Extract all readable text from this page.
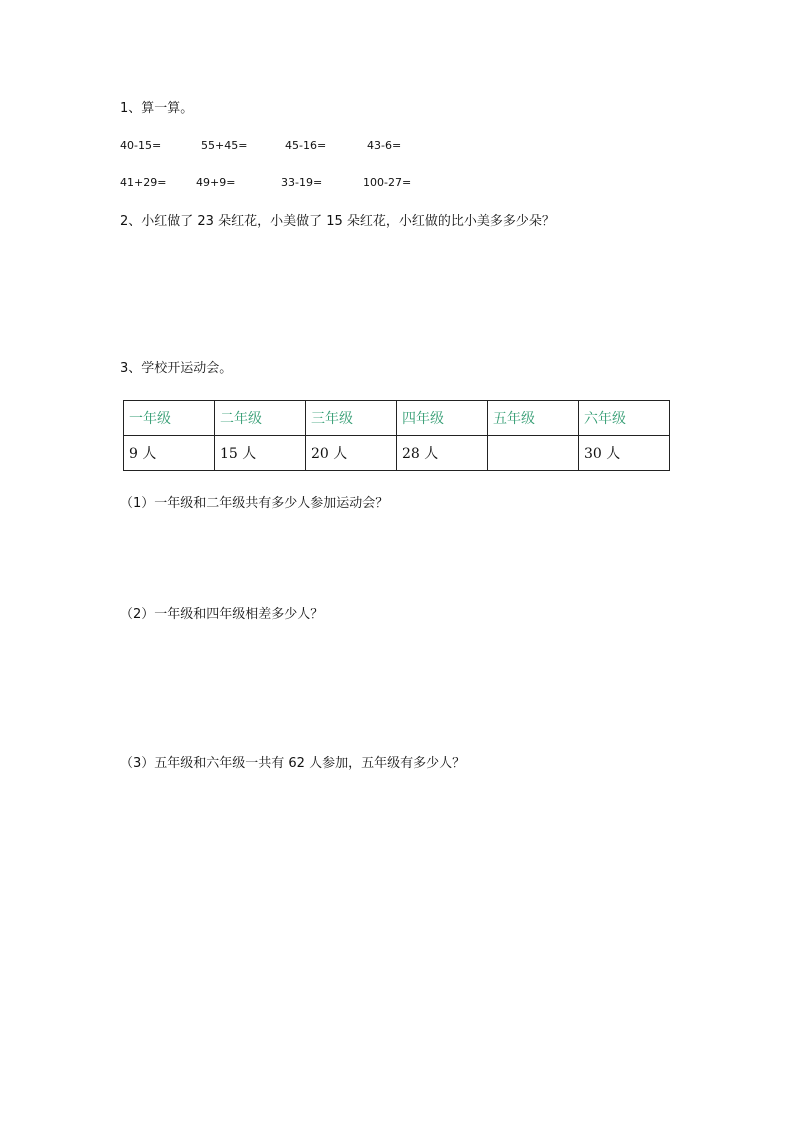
1、算一算。
40-15=	55+45=	45-16=	43-6=
41+29=	49+9=	33-19=	100-27=
2、小红做了 23 朵红花，小美做了 15 朵红花，小红做的比小美多多少朵？
3、学校开运动会。
一年级	二年级	三年级	四年级	五年级	六年级
9 人	15 人	20 人	28 人		30 人
（1）一年级和二年级共有多少人参加运动会？
（2）一年级和四年级相差多少人？
（3）五年级和六年级一共有 62 人参加，五年级有多少人？
